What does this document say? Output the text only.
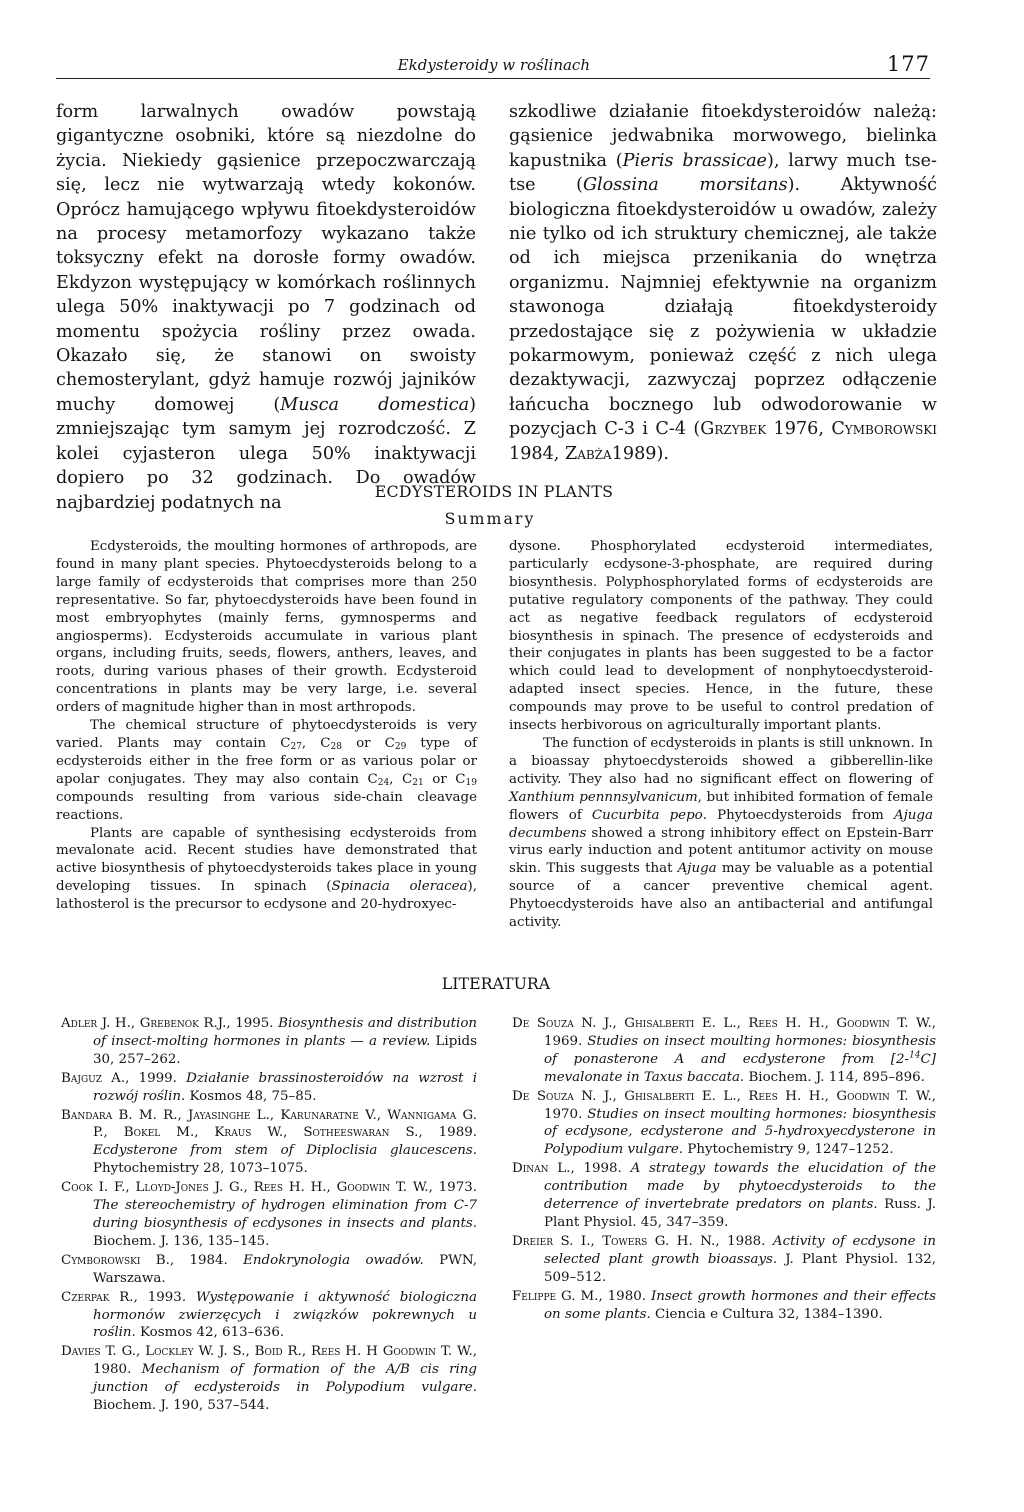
Ekdysteroidy w roślinach	177
form larwalnych owadów powstają gigantyczne osobniki, które są niezdolne do życia. Niekiedy gąsienice przepoczwarczają się, lecz nie wytwarzają wtedy kokonów. Oprócz hamującego wpływu fitoekdysteroidów na procesy metamorfozy wykazano także toksyczny efekt na dorosłe formy owadów. Ekdyzon występujący w komórkach roślinnych ulega 50% inaktywacji po 7 godzinach od momentu spożycia rośliny przez owada. Okazało się, że stanowi on swoisty chemosterylant, gdyż hamuje rozwój jajników muchy domowej (Musca domestica) zmniejszając tym samym jej rozrodczość. Z kolei cyjasteron ulega 50% inaktywacji dopiero po 32 godzinach. Do owadów najbardziej podatnych na
szkodliwe działanie fitoekdysteroidów należą: gąsienice jedwabnika morwowego, bielinka kapustnika (Pieris brassicae), larwy much tse-tse (Glossina morsitans). Aktywność biologiczna fitoekdysteroidów u owadów, zależy nie tylko od ich struktury chemicznej, ale także od ich miejsca przenikania do wnętrza organizmu. Najmniej efektywnie na organizm stawonoga działają fitoekdysteroidy przedostające się z pożywienia w układzie pokarmowym, ponieważ część z nich ulega dezaktywacji, zazwyczaj poprzez odłączenie łańcucha bocznego lub odwodorowanie w pozycjach C-3 i C-4 (Grzybek 1976, Cymborowski 1984, Zabża1989).
ECDYSTEROIDS IN PLANTS
Summary

Ecdysteroids, the moulting hormones of arthropods, are found in many plant species. Phytoecdysteroids belong to a large family of ecdysteroids that comprises more than 250 representative. So far, phytoecdysteroids have been found in most embryophytes (mainly ferns, gymnosperms and angiosperms). Ecdysteroids accumulate in various plant organs, including fruits, seeds, flowers, anthers, leaves, and roots, during various phases of their growth. Ecdysteroid concentrations in plants may be very large, i.e. several orders of magnitude higher than in most arthropods.

The chemical structure of phytoecdysteroids is very varied. Plants may contain $C_{27}$, $C_{28}$ or $C_{29}$ type of ecdysteroids either in the free form or as various polar or apolar conjugates. They may also contain $C_{24}$, $C_{21}$ or $C_{19}$ compounds resulting from various side-chain cleavage reactions.

Plants are capable of synthesising ecdysteroids from mevalonate acid. Recent studies have demonstrated that active biosynthesis of phytoecdysteroids takes place in young developing tissues. In spinach (Spinacia oleracea), lathosterol is the precursor to ecdysone and 20-hydroxyec-

dysone. Phosphorylated ecdysteroid intermediates, particularly ecdysone-3-phosphate, are required during biosynthesis. Polyphosphorylated forms of ecdysteroids are putative regulatory components of the pathway. They could act as negative feedback regulators of ecdysteroid biosynthesis in spinach. The presence of ecdysteroids and their conjugates in plants has been suggested to be a factor which could lead to development of nonphytoecdysteroid-adapted insect species. Hence, in the future, these compounds may prove to be useful to control predation of insects herbivorous on agriculturally important plants.

The function of ecdysteroids in plants is still unknown. In a bioassay phytoecdysteroids showed a gibberellin-like activity. They also had no significant effect on flowering of Xanthium pennnsylvanicum, but inhibited formation of female flowers of Cucurbita pepo. Phytoecdysteroids from Ajuga decumbens showed a strong inhibitory effect on Epstein-Barr virus early induction and potent antitumor activity on mouse skin. This suggests that Ajuga may be valuable as a potential source of a cancer preventive chemical agent. Phytoecdysteroids have also an antibacterial and antifungal activity.

LITERATURA

Adler J. H., Grebenok R.J., 1995. Biosynthesis and distribution of insect-molting hormones in plants — a review. Lipids 30, 257–262.

Bajguz A., 1999. Działanie brassinosteroidów na wzrost i rozwój roślin. Kosmos 48, 75–85.

Bandara B. M. R., Jayasinghe L., Karunaratne V., Wannigama G. P., Bokel M., Kraus W., Sotheeswaran S., 1989. Ecdysterone from stem of Diploclisia glaucescens. Phytochemistry 28, 1073–1075.

Cook I. F., Lloyd-Jones J. G., Rees H. H., Goodwin T. W., 1973. The stereochemistry of hydrogen elimination from C-7 during biosynthesis of ecdysones in insects and plants. Biochem. J. 136, 135–145.

Cymborowski B., 1984. Endokrynologia owadów. PWN, Warszawa.

Czerpak R., 1993. Występowanie i aktywność biologiczna hormonów zwierzęcych i związków pokrewnych u roślin. Kosmos 42, 613–636.

Davies T. G., Lockley W. J. S., Boid R., Rees H. H Goodwin T. W., 1980. Mechanism of formation of the A/B cis ring junction of ecdysteroids in Polypodium vulgare. Biochem. J. 190, 537–544.

De Souza N. J., Ghisalberti E. L., Rees H. H., Goodwin T. W., 1969. Studies on insect moulting hormones: biosynthesis of ponasterone A and ecdysterone from [2-$^{14}$C] mevalonate in Taxus baccata. Biochem. J. 114, 895–896.

De Souza N. J., Ghisalberti E. L., Rees H. H., Goodwin T. W., 1970. Studies on insect moulting hormones: biosynthesis of ecdysone, ecdysterone and 5-hydroxyecdysterone in Polypodium vulgare. Phytochemistry 9, 1247–1252.

Dinan L., 1998. A strategy towards the elucidation of the contribution made by phytoecdysteroids to the deterrence of invertebrate predators on plants. Russ. J. Plant Physiol. 45, 347–359.

Dreier S. I., Towers G. H. N., 1988. Activity of ecdysone in selected plant growth bioassays. J. Plant Physiol. 132, 509–512.

Felippe G. M., 1980. Insect growth hormones and their effects on some plants. Ciencia e Cultura 32, 1384–1390.
